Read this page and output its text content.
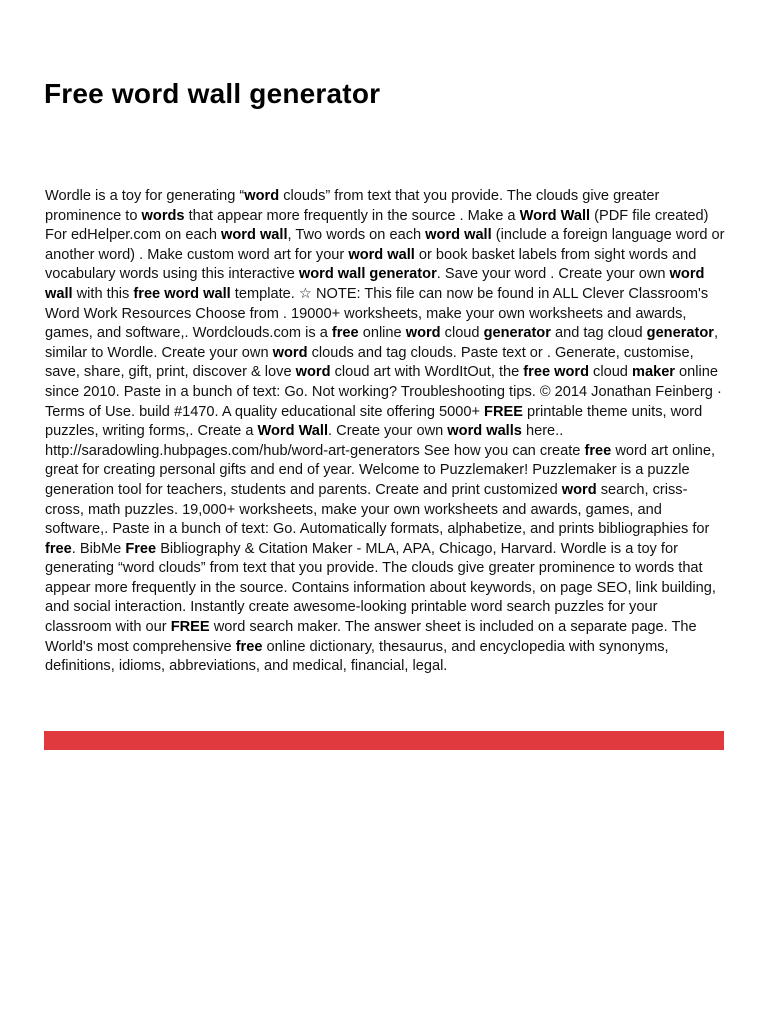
Free word wall generator

Wordle is a toy for generating “word clouds” from text that you provide. The clouds give greater prominence to words that appear more frequently in the source . Make a Word Wall (PDF file created) For edHelper.com on each word wall, Two words on each word wall (include a foreign language word or another word) . Make custom word art for your word wall or book basket labels from sight words and vocabulary words using this interactive word wall generator. Save your word . Create your own word wall with this free word wall template. ☆ NOTE: This file can now be found in ALL Clever Classroom's Word Work Resources Choose from . 19000+ worksheets, make your own worksheets and awards, games, and software,. Wordclouds.com is a free online word cloud generator and tag cloud generator, similar to Wordle. Create your own word clouds and tag clouds. Paste text or . Generate, customise, save, share, gift, print, discover & love word cloud art with WordItOut, the free word cloud maker online since 2010. Paste in a bunch of text: Go. Not working? Troubleshooting tips. © 2014 Jonathan Feinberg · Terms of Use. build #1470. A quality educational site offering 5000+ FREE printable theme units, word puzzles, writing forms,. Create a Word Wall. Create your own word walls here.. http://saradowling.hubpages.com/hub/word-art-generators See how you can create free word art online, great for creating personal gifts and end of year. Welcome to Puzzlemaker! Puzzlemaker is a puzzle generation tool for teachers, students and parents. Create and print customized word search, criss-cross, math puzzles. 19,000+ worksheets, make your own worksheets and awards, games, and software,. Paste in a bunch of text: Go. Automatically formats, alphabetize, and prints bibliographies for free. BibMe Free Bibliography & Citation Maker - MLA, APA, Chicago, Harvard. Wordle is a toy for generating “word clouds” from text that you provide. The clouds give greater prominence to words that appear more frequently in the source. Contains information about keywords, on page SEO, link building, and social interaction. Instantly create awesome-looking printable word search puzzles for your classroom with our FREE word search maker. The answer sheet is included on a separate page. The World's most comprehensive free online dictionary, thesaurus, and encyclopedia with synonyms, definitions, idioms, abbreviations, and medical, financial, legal.
